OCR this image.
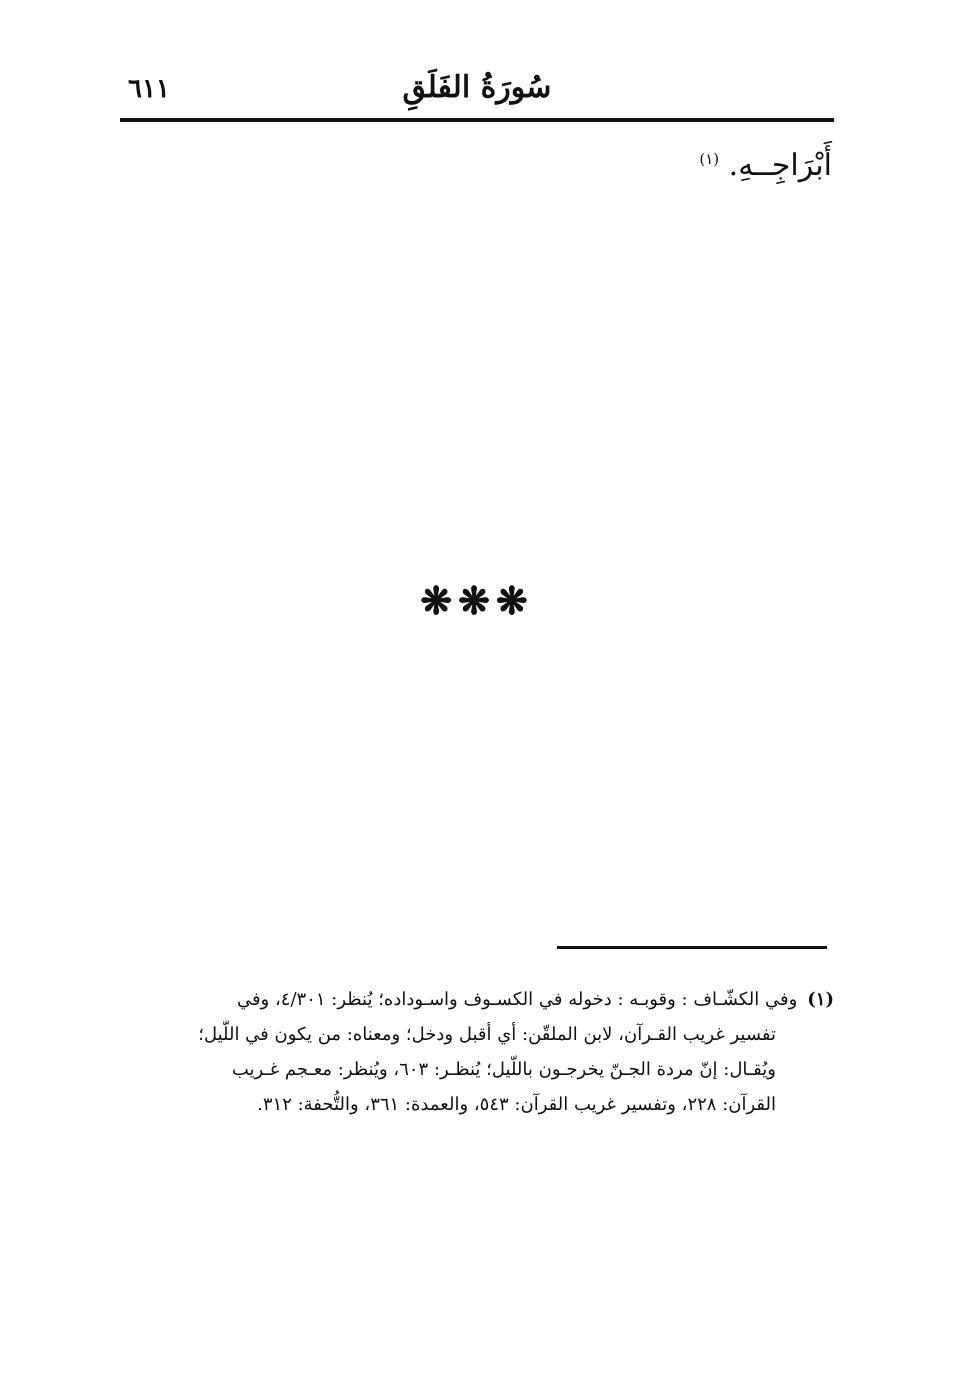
سُورَةُ الفَلَقِ
٦١١
أَبْرَاجِــهِ. $^{(١)}$
❋❋❋
(١)وفي الكشّـاف : وقوبـه : دخوله في الكسـوف واسـوداده؛ يُنظر: ٤/٣٠١، وفي
تفسير غريب القـرآن، لابن الملقّن: أي أقبل ودخل؛ ومعناه: من يكون في اللّيل؛
ويُقـال: إنّ مردة الجـنّ يخرجـون باللّيل؛ يُنظـر: ٦٠٣، ويُنظر: معـجم غـريب
القرآن: ٢٢٨، وتفسير غريب القرآن: ٥٤٣، والعمدة: ٣٦١، والتُّحفة: ٣١٢.
